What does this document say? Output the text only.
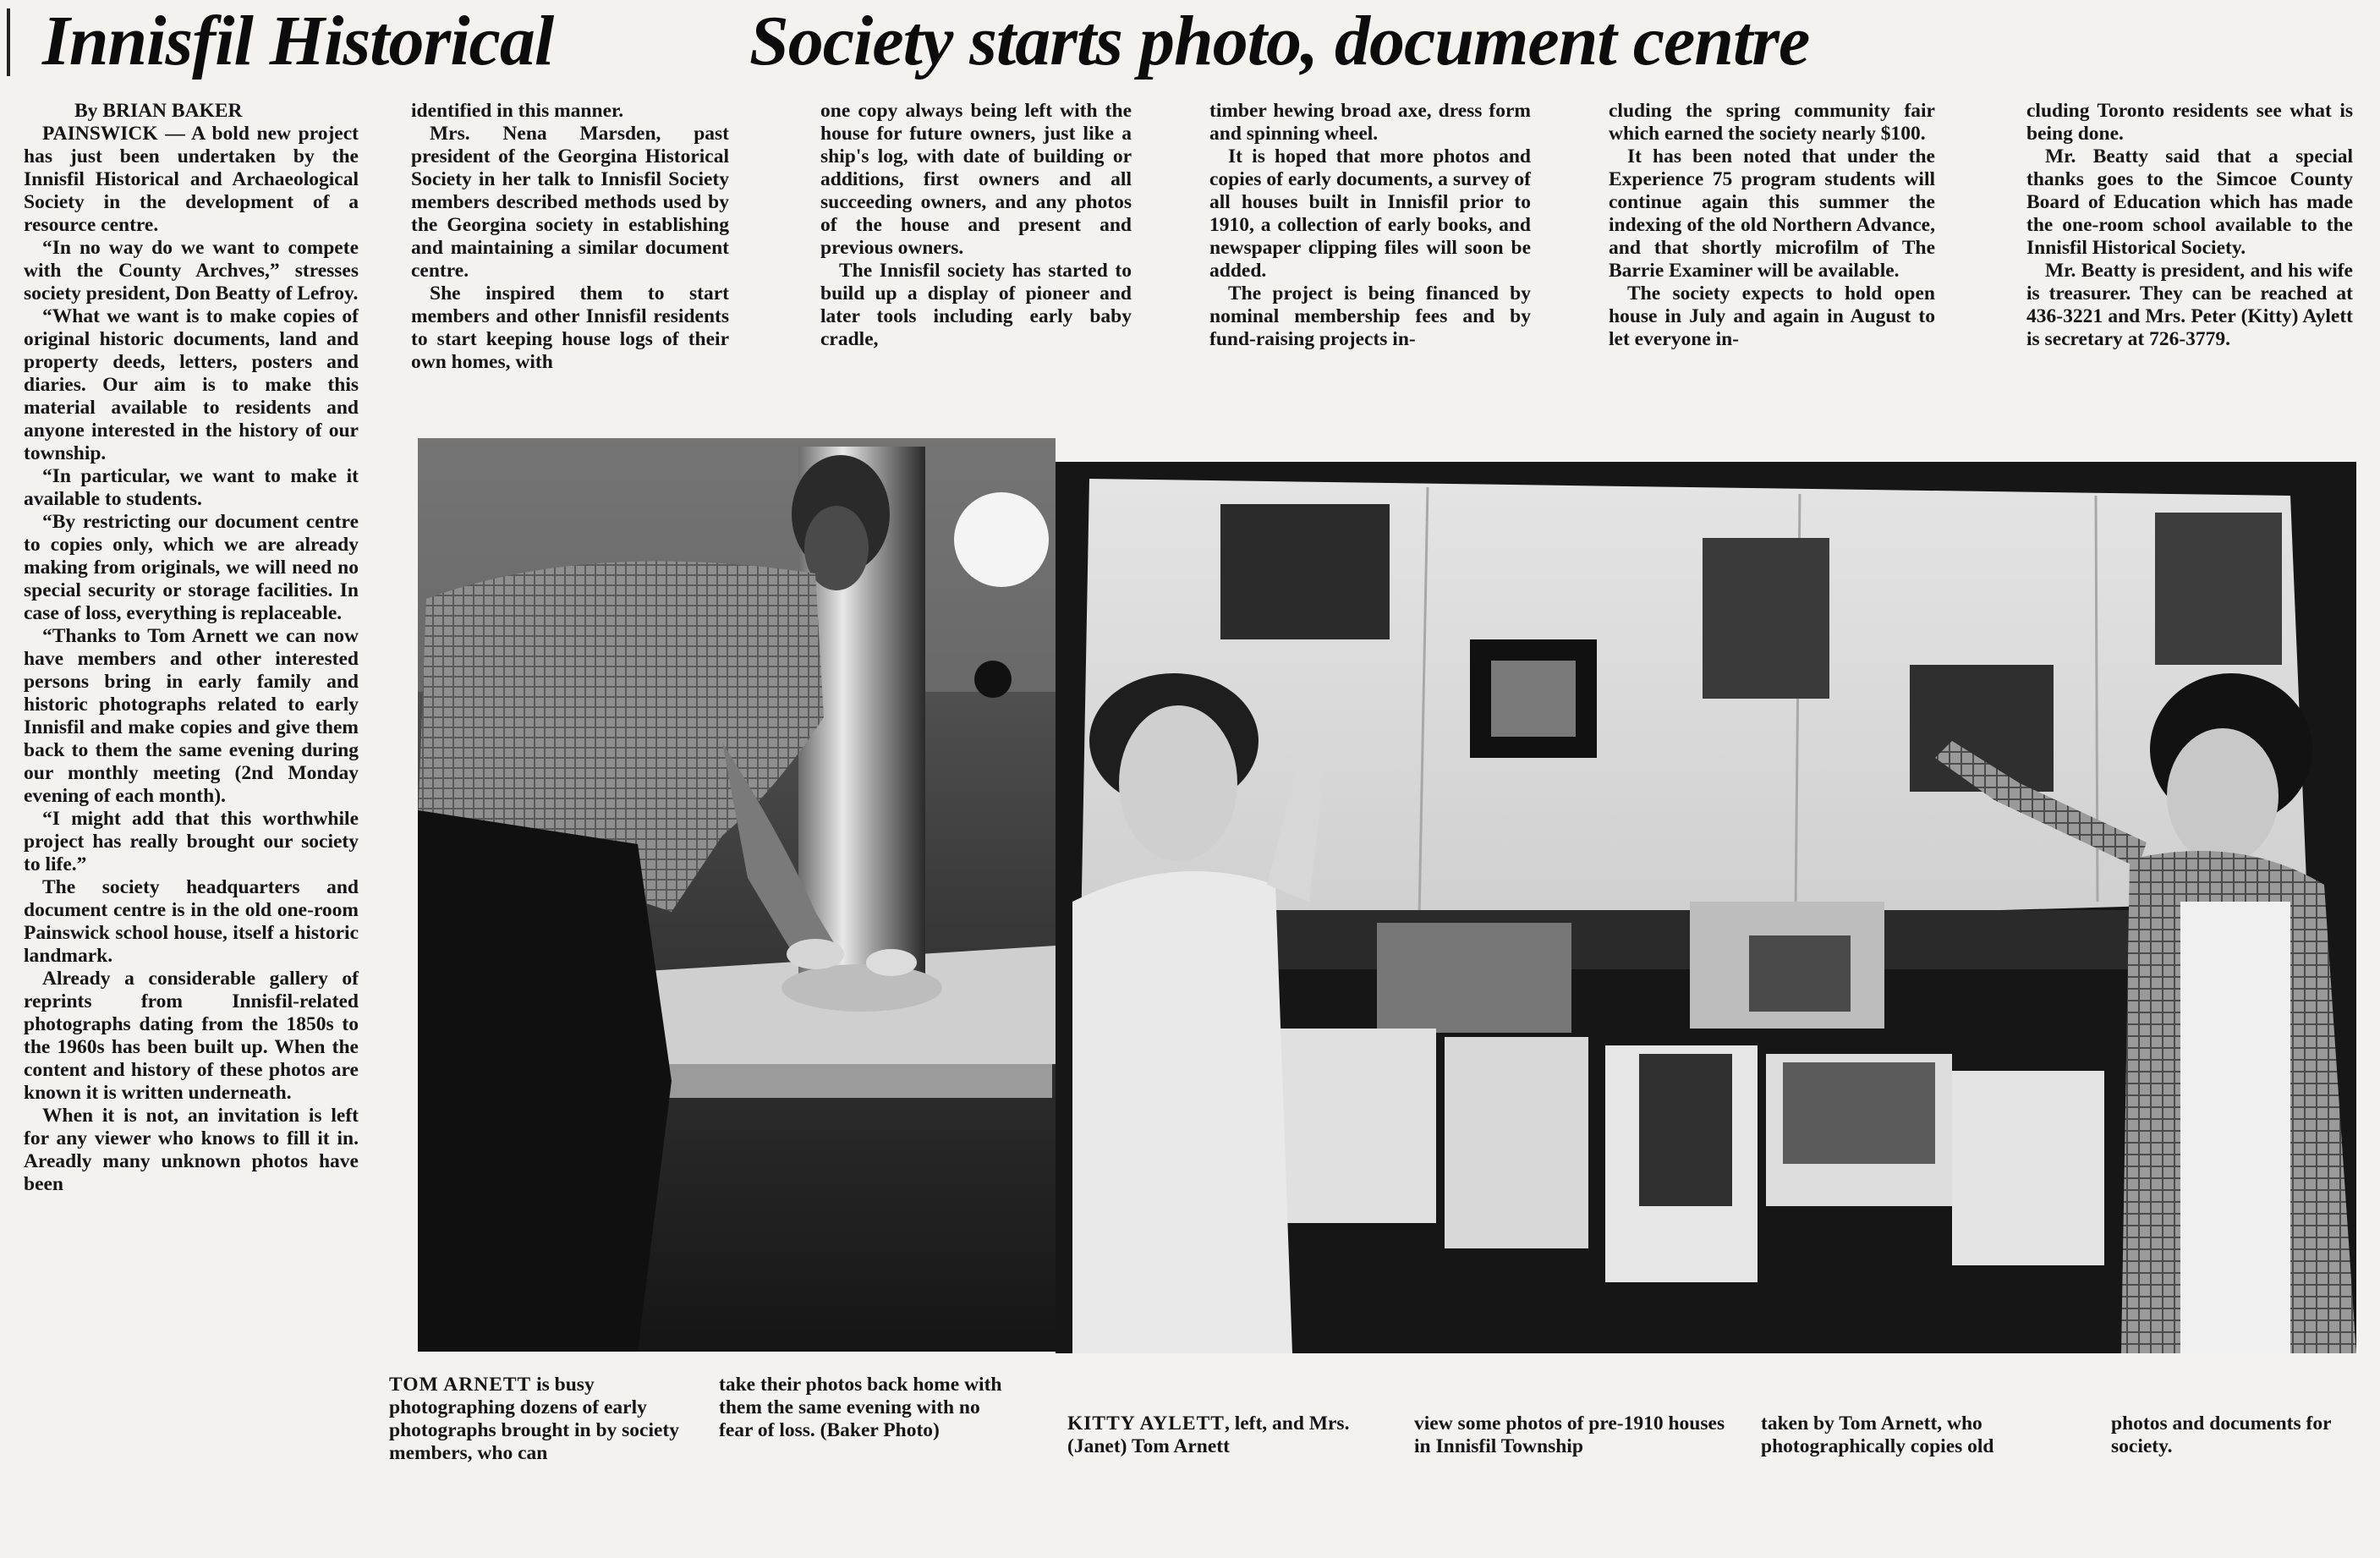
Innisfil Historical	Society starts photo, document centre

By BRIAN BAKER

PAINSWICK — A bold new project has just been undertaken by the Innisfil Historical and Archaeological Society in the development of a resource centre.

“In no way do we want to compete with the County Archves,” stresses society president, Don Beatty of Lefroy.

“What we want is to make copies of original historic documents, land and property deeds, letters, posters and diaries. Our aim is to make this material available to residents and anyone interested in the history of our township.

“In particular, we want to make it available to students.

“By restricting our document centre to copies only, which we are already making from originals, we will need no special security or storage facilities. In case of loss, everything is replaceable.

“Thanks to Tom Arnett we can now have members and other interested persons bring in early family and historic photographs related to early Innisfil and make copies and give them back to them the same evening during our monthly meeting (2nd Monday evening of each month).

“I might add that this worthwhile project has really brought our society to life.”

The society headquarters and document centre is in the old one-room Painswick school house, itself a historic landmark.

Already a considerable gallery of reprints from Innisfil-related photographs dating from the 1850s to the 1960s has been built up. When the content and history of these photos are known it is written underneath.

When it is not, an invitation is left for any viewer who knows to fill it in. Areadly many unknown photos have been

identified in this manner.

Mrs. Nena Marsden, past president of the Georgina Historical Society in her talk to Innisfil Society members described methods used by the Georgina society in establishing and maintaining a similar document centre.

She inspired them to start members and other Innisfil residents to start keeping house logs of their own homes, with

one copy always being left with the house for future owners, just like a ship's log, with date of building or additions, first owners and all succeeding owners, and any photos of the house and present and previous owners.

The Innisfil society has started to build up a display of pioneer and later tools including early baby cradle,

timber hewing broad axe, dress form and spinning wheel.

It is hoped that more photos and copies of early documents, a survey of all houses built in Innisfil prior to 1910, a collection of early books, and newspaper clipping files will soon be added.

The project is being financed by nominal membership fees and by fund-raising projects in-

cluding the spring community fair which earned the society nearly $100.

It has been noted that under the Experience 75 program students will continue again this summer the indexing of the old Northern Advance, and that shortly microfilm of The Barrie Examiner will be available.

The society expects to hold open house in July and again in August to let everyone in-

cluding Toronto residents see what is being done.

Mr. Beatty said that a special thanks goes to the Simcoe County Board of Education which has made the one-room school available to the Innisfil Historical Society.

Mr. Beatty is president, and his wife is treasurer. They can be reached at 436-3221 and Mrs. Peter (Kitty) Aylett is secretary at 726-3779.

TOM ARNETT is busy photographing dozens of early photographs brought in by society members, who can
take their photos back home with them the same evening with no fear of loss. (Baker Photo)	KITTY AYLETT, left, and Mrs. (Janet) Tom Arnett
view some photos of pre-1910 houses in Innisfil Township
taken by Tom Arnett, who photographically copies old
photos and documents for society.
